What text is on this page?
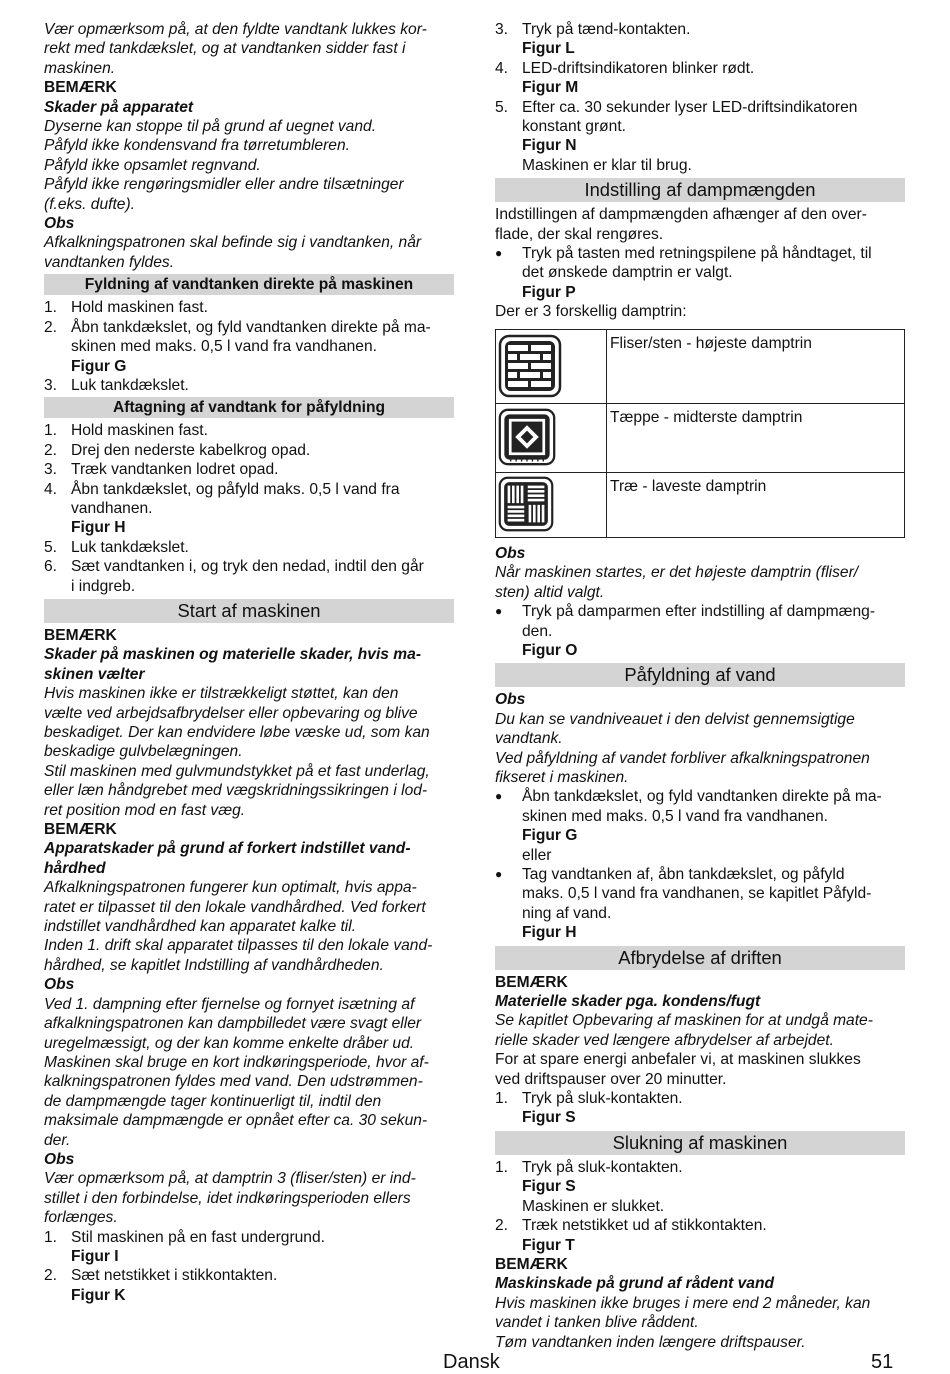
Vær opmærksom på, at den fyldte vandtank lukkes kor-

rekt med tankdækslet, og at vandtanken sidder fast i

maskinen.

BEMÆRK

Skader på apparatet

Dyserne kan stoppe til på grund af uegnet vand.

Påfyld ikke kondensvand fra tørretumbleren.

Påfyld ikke opsamlet regnvand.

Påfyld ikke rengøringsmidler eller andre tilsætninger

(f.eks. dufte).

Obs

Afkalkningspatronen skal befinde sig i vandtanken, når

vandtanken fyldes.

Fyldning af vandtanken direkte på maskinen
1. Hold maskinen fast.
2. Åbn tankdækslet, og fyld vandtanken direkte på ma-

skinen med maks. 0,5 l vand fra vandhanen.

Figur G

3. Luk tankdækslet.
Aftagning af vandtank for påfyldning
1. Hold maskinen fast.
2. Drej den nederste kabelkrog opad.
3. Træk vandtanken lodret opad.
4. Åbn tankdækslet, og påfyld maks. 0,5 l vand fra

vandhanen.

Figur H

5. Luk tankdækslet.
6. Sæt vandtanken i, og tryk den nedad, indtil den går

i indgreb.

Start af maskinen

BEMÆRK

Skader på maskinen og materielle skader, hvis ma-

skinen vælter

Hvis maskinen ikke er tilstrækkeligt støttet, kan den

vælte ved arbejdsafbrydelser eller opbevaring og blive

beskadiget. Der kan endvidere løbe væske ud, som kan

beskadige gulvbelægningen.

Stil maskinen med gulvmundstykket på et fast underlag,

eller læn håndgrebet med vægskridningssikringen i lod-

ret position mod en fast væg.

BEMÆRK

Apparatskader på grund af forkert indstillet vand-

hårdhed

Afkalkningspatronen fungerer kun optimalt, hvis appa-

ratet er tilpasset til den lokale vandhårdhed. Ved forkert

indstillet vandhårdhed kan apparatet kalke til.

Inden 1. drift skal apparatet tilpasses til den lokale vand-

hårdhed, se kapitlet Indstilling af vandhårdheden.

Obs

Ved 1. dampning efter fjernelse og fornyet isætning af

afkalkningspatronen kan dampbilledet være svagt eller

uregelmæssigt, og der kan komme enkelte dråber ud.

Maskinen skal bruge en kort indkøringsperiode, hvor af-

kalkningspatronen fyldes med vand. Den udstrømmen-

de dampmængde tager kontinuerligt til, indtil den

maksimale dampmængde er opnået efter ca. 30 sekun-

der.

Obs

Vær opmærksom på, at damptrin 3 (fliser/sten) er ind-

stillet i den forbindelse, idet indkøringsperioden ellers

forlænges.

1. Stil maskinen på en fast undergrund.

Figur I

2. Sæt netstikket i stikkontakten.

Figur K

3. Tryk på tænd-kontakten.

Figur L

4. LED-driftsindikatoren blinker rødt.

Figur M

5. Efter ca. 30 sekunder lyser LED-driftsindikatoren

konstant grønt.

Figur N

Maskinen er klar til brug.

Indstilling af dampmængden

Indstillingen af dampmængden afhænger af den over-

flade, der skal rengøres.

●	Tryk på tasten med retningspilene på håndtaget, til

det ønskede damptrin er valgt.

Figur P

Der er 3 forskellig damptrin:

	Fliser/sten - højeste damptrin
	Tæppe - midterste damptrin
	Træ - laveste damptrin

Obs

Når maskinen startes, er det højeste damptrin (fliser/

sten) altid valgt.

●	Tryk på damparmen efter indstilling af dampmæng-

den.

Figur O

Påfyldning af vand

Obs

Du kan se vandniveauet i den delvist gennemsigtige

vandtank.

Ved påfyldning af vandet forbliver afkalkningspatronen

fikseret i maskinen.

●	Åbn tankdækslet, og fyld vandtanken direkte på ma-

skinen med maks. 0,5 l vand fra vandhanen.

Figur G

eller

●	Tag vandtanken af, åbn tankdækslet, og påfyld

maks. 0,5 l vand fra vandhanen, se kapitlet Påfyld-

ning af vand.

Figur H

Afbrydelse af driften

BEMÆRK

Materielle skader pga. kondens/fugt

Se kapitlet Opbevaring af maskinen for at undgå mate-

rielle skader ved længere afbrydelser af arbejdet.

For at spare energi anbefaler vi, at maskinen slukkes

ved driftspauser over 20 minutter.

1. Tryk på sluk-kontakten.

Figur S

Slukning af maskinen
1. Tryk på sluk-kontakten.

Figur S

Maskinen er slukket.

2. Træk netstikket ud af stikkontakten.

Figur T

BEMÆRK

Maskinskade på grund af rådent vand

Hvis maskinen ikke bruges i mere end 2 måneder, kan

vandet i tanken blive råddent.

Tøm vandtanken inden længere driftspauser.

Dansk	51
